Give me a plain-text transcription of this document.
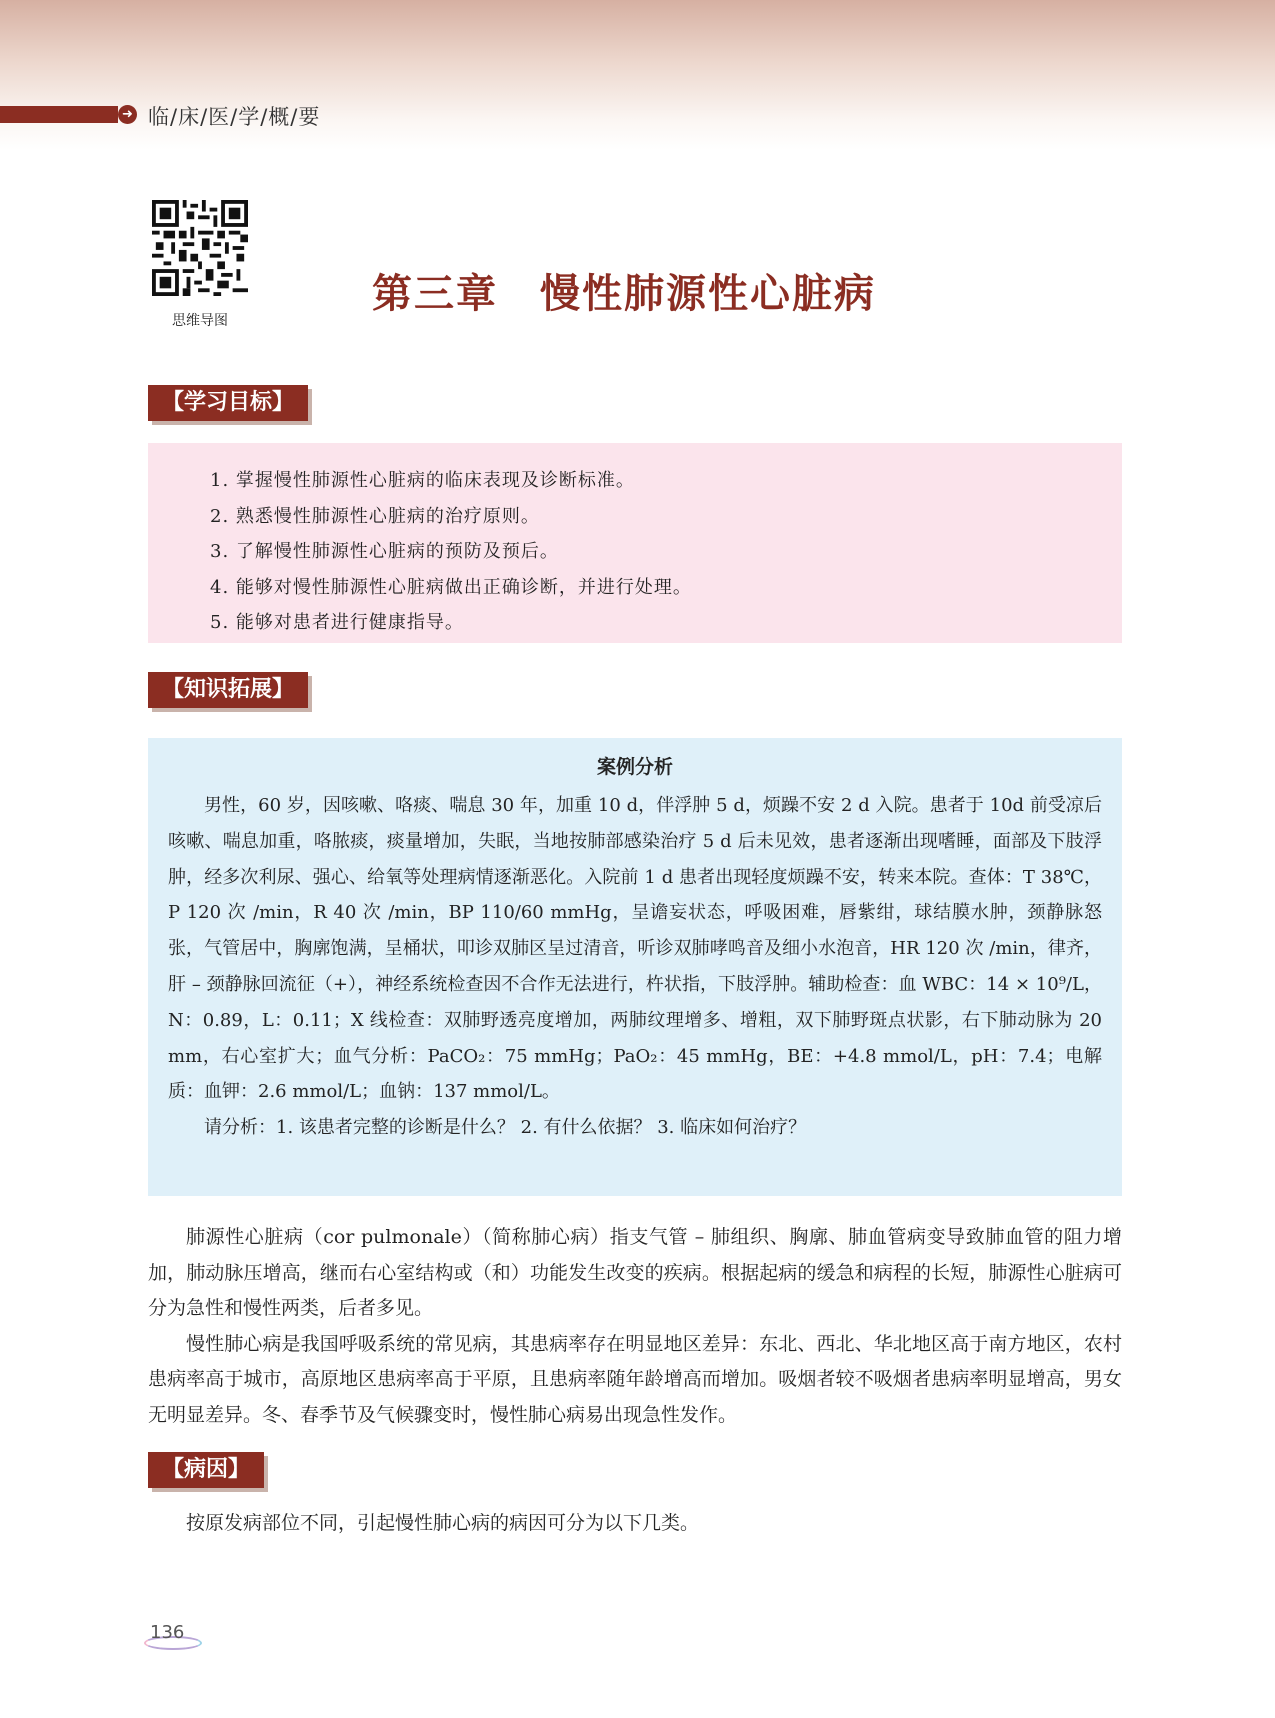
➜ 临/床/医/学/概/要
思维导图
第三章　慢性肺源性心脏病
【学习目标】
1. 掌握慢性肺源性心脏病的临床表现及诊断标准。
2. 熟悉慢性肺源性心脏病的治疗原则。
3. 了解慢性肺源性心脏病的预防及预后。
4. 能够对慢性肺源性心脏病做出正确诊断，并进行处理。
5. 能够对患者进行健康指导。
【知识拓展】
案例分析

男性，60 岁，因咳嗽、咯痰、喘息 30 年，加重 10 d，伴浮肿 5 d，烦躁不安 2 d 入院。患者于 10d 前受凉后咳嗽、喘息加重，咯脓痰，痰量增加，失眠，当地按肺部感染治疗 5 d 后未见效，患者逐渐出现嗜睡，面部及下肢浮肿，经多次利尿、强心、给氧等处理病情逐渐恶化。入院前 1 d 患者出现轻度烦躁不安，转来本院。查体：T 38℃，P 120 次 /min，R 40 次 /min，BP 110/60 mmHg，呈谵妄状态，呼吸困难，唇紫绀，球结膜水肿，颈静脉怒张，气管居中，胸廓饱满，呈桶状，叩诊双肺区呈过清音，听诊双肺哮鸣音及细小水泡音，HR 120 次 /min，律齐，肝 – 颈静脉回流征（+），神经系统检查因不合作无法进行，杵状指，下肢浮肿。辅助检查：血 WBC：14 × 10⁹/L，N：0.89，L：0.11；X 线检查：双肺野透亮度增加，两肺纹理增多、增粗，双下肺野斑点状影，右下肺动脉为 20 mm，右心室扩大；血气分析：PaCO₂：75 mmHg；PaO₂：45 mmHg，BE：+4.8 mmol/L，pH：7.4；电解质：血钾：2.6 mmol/L；血钠：137 mmol/L。

请分析：1. 该患者完整的诊断是什么？ 2. 有什么依据？ 3. 临床如何治疗？

肺源性心脏病（cor pulmonale）（简称肺心病）指支气管 – 肺组织、胸廓、肺血管病变导致肺血管的阻力增加，肺动脉压增高，继而右心室结构或（和）功能发生改变的疾病。根据起病的缓急和病程的长短，肺源性心脏病可分为急性和慢性两类，后者多见。

慢性肺心病是我国呼吸系统的常见病，其患病率存在明显地区差异：东北、西北、华北地区高于南方地区，农村患病率高于城市，高原地区患病率高于平原，且患病率随年龄增高而增加。吸烟者较不吸烟者患病率明显增高，男女无明显差异。冬、春季节及气候骤变时，慢性肺心病易出现急性发作。

【病因】

按原发病部位不同，引起慢性肺心病的病因可分为以下几类。

136
